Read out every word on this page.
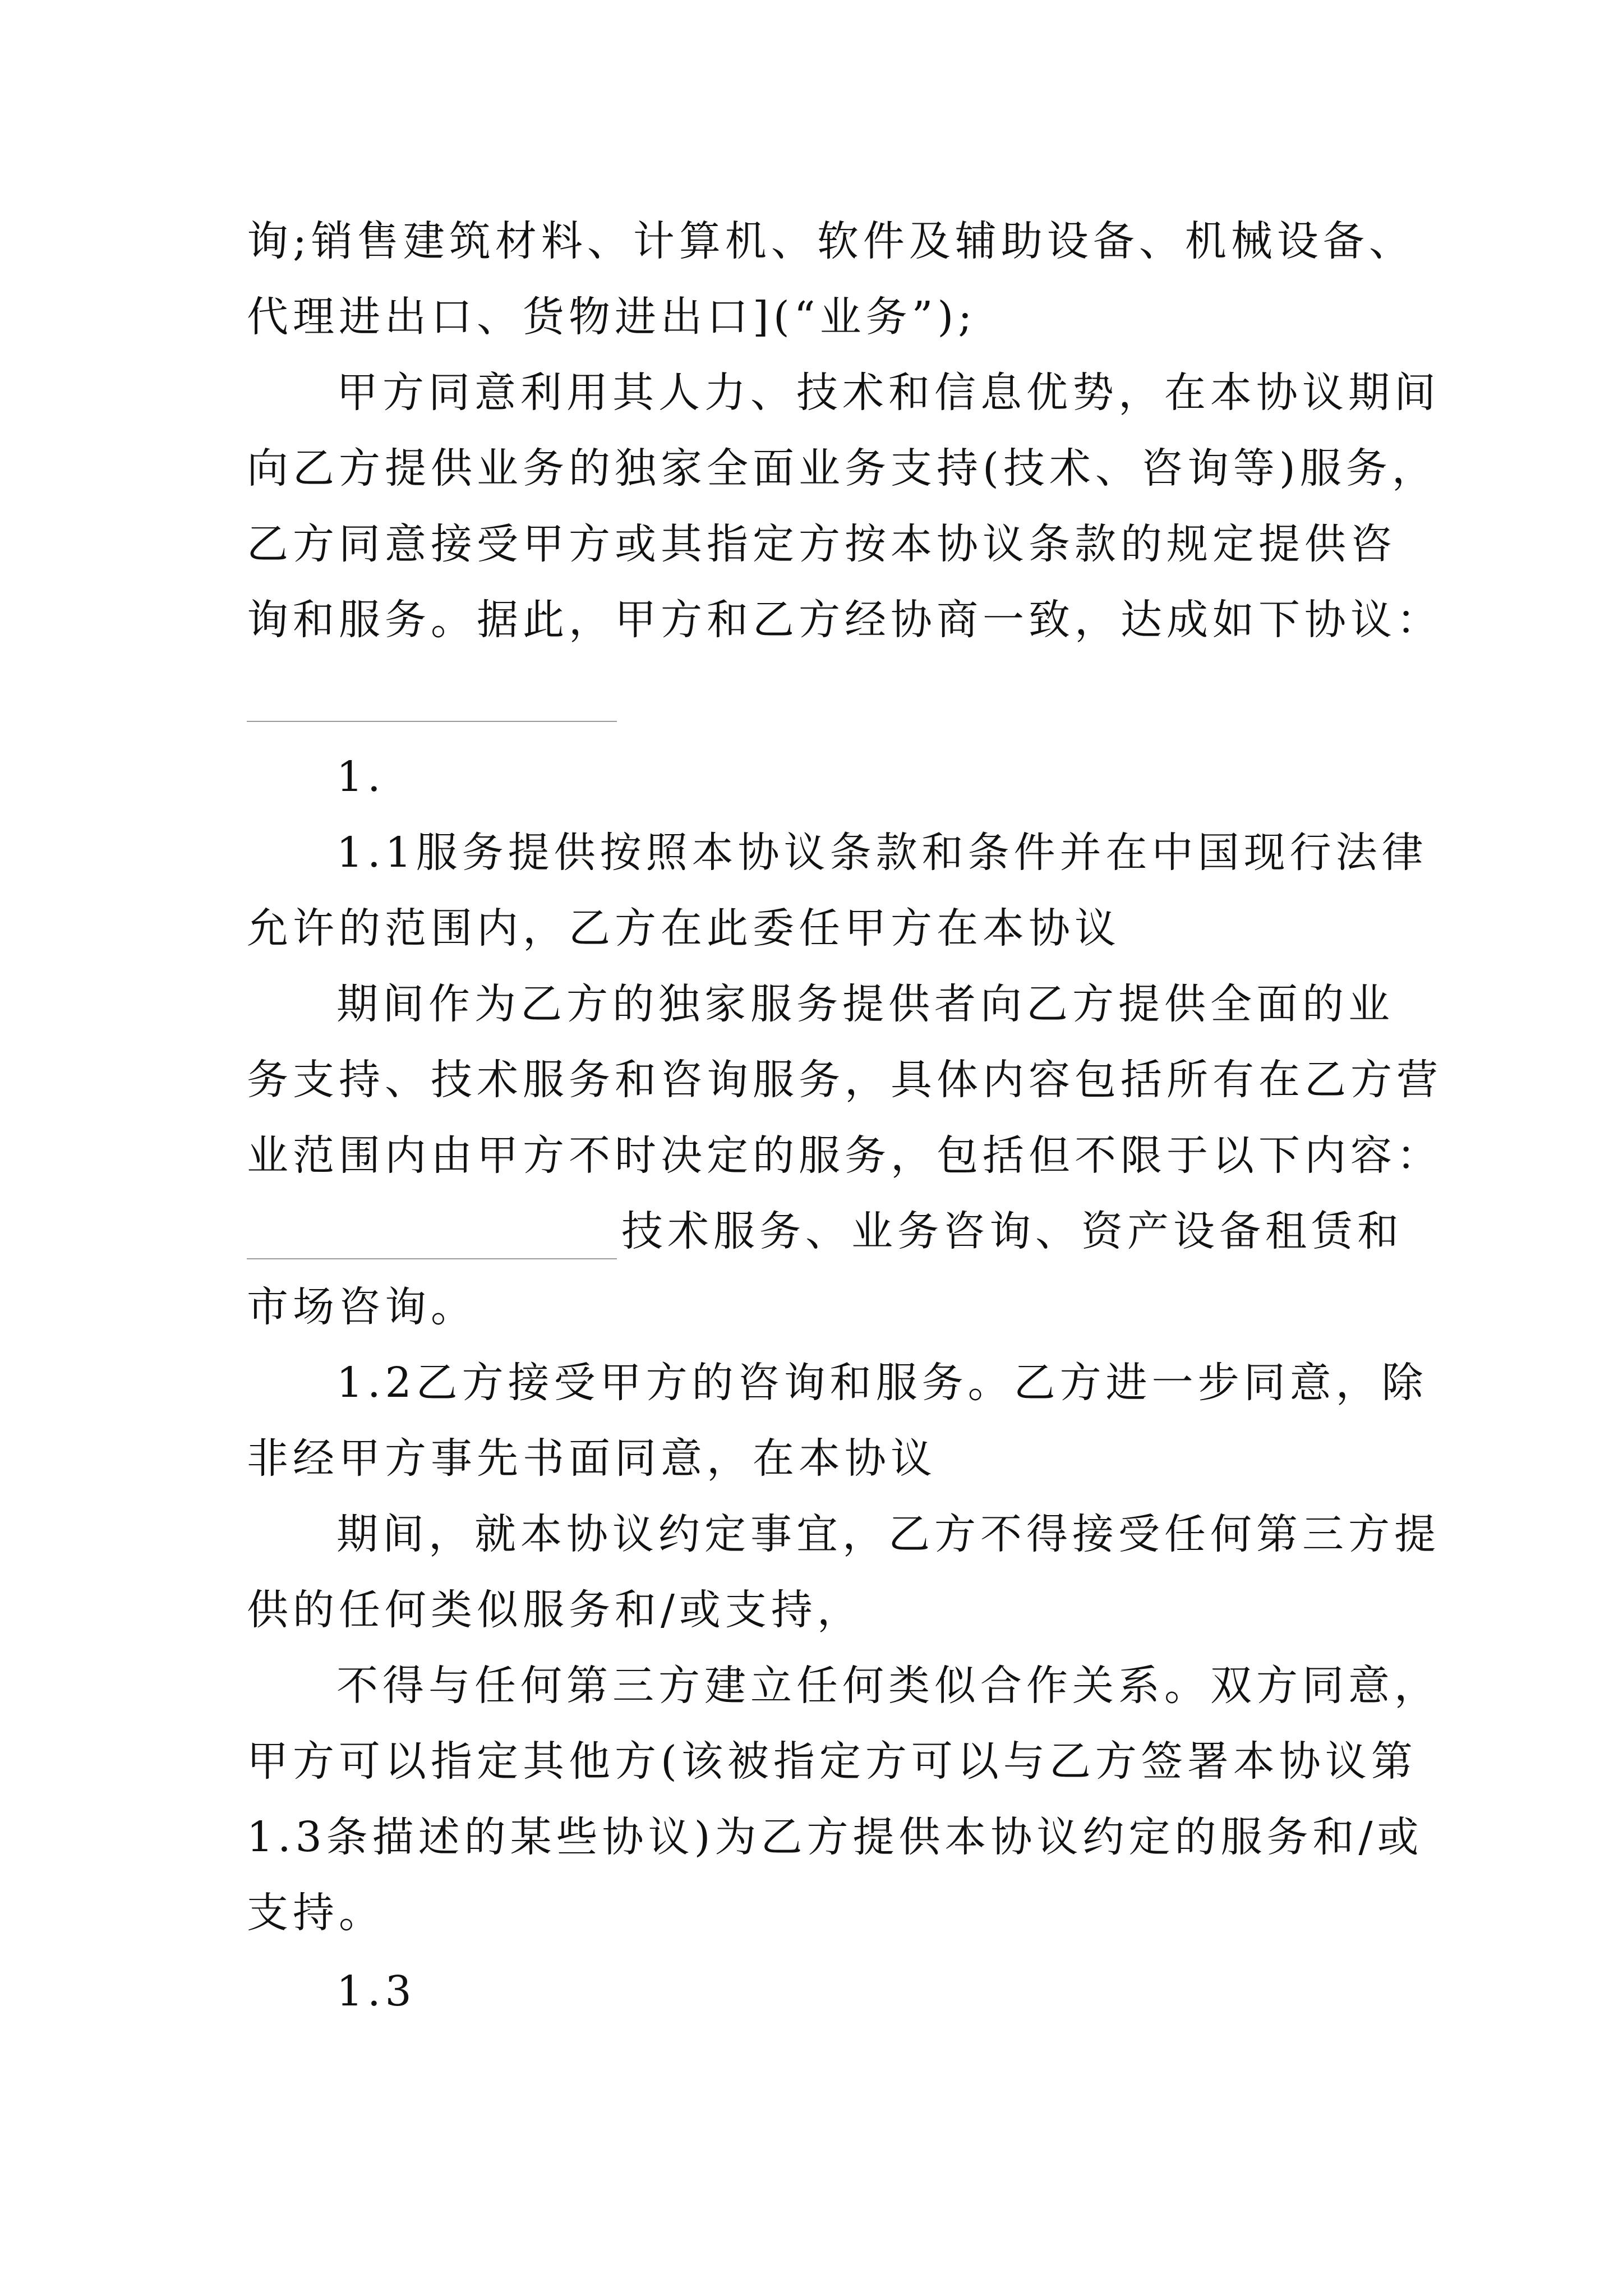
询;销售建筑材料、计算机、软件及辅助设备、机械设备、
代理进出口、货物进出口](“业务”);
甲方同意利用其人力、技术和信息优势，在本协议期间
向乙方提供业务的独家全面业务支持(技术、咨询等)服务，
乙方同意接受甲方或其指定方按本协议条款的规定提供咨
询和服务。据此，甲方和乙方经协商一致，达成如下协议：
1.
1.1服务提供按照本协议条款和条件并在中国现行法律
允许的范围内，乙方在此委任甲方在本协议
期间作为乙方的独家服务提供者向乙方提供全面的业
务支持、技术服务和咨询服务，具体内容包括所有在乙方营
业范围内由甲方不时决定的服务，包括但不限于以下内容：
技术服务、业务咨询、资产设备租赁和
市场咨询。
1.2乙方接受甲方的咨询和服务。乙方进一步同意，除
非经甲方事先书面同意，在本协议
期间，就本协议约定事宜，乙方不得接受任何第三方提
供的任何类似服务和/或支持，
不得与任何第三方建立任何类似合作关系。双方同意，
甲方可以指定其他方(该被指定方可以与乙方签署本协议第
1.3条描述的某些协议)为乙方提供本协议约定的服务和/或
支持。
1.3
